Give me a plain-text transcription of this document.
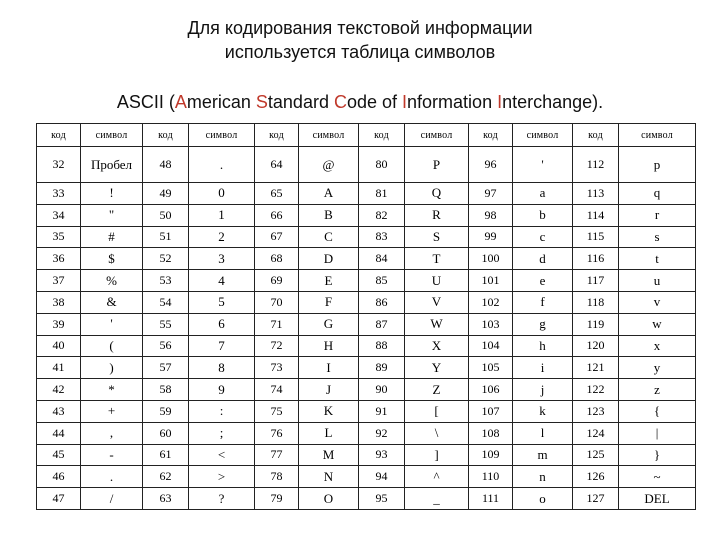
Для кодирования текстовой информации
используется таблица символов
ASCII (American Standard Code of Information Interchange).
код	символ	код	символ	код	символ	код	символ	код	символ	код	символ
32	Пробел	48	.	64	@	80	P	96	'	112	p
33	!	49	0	65	A	81	Q	97	a	113	q
34	"	50	1	66	B	82	R	98	b	114	r
35	#	51	2	67	C	83	S	99	c	115	s
36	$	52	3	68	D	84	T	100	d	116	t
37	%	53	4	69	E	85	U	101	e	117	u
38	&	54	5	70	F	86	V	102	f	118	v
39	'	55	6	71	G	87	W	103	g	119	w
40	(	56	7	72	H	88	X	104	h	120	x
41	)	57	8	73	I	89	Y	105	i	121	y
42	*	58	9	74	J	90	Z	106	j	122	z
43	+	59	:	75	K	91	[	107	k	123	{
44	,	60	;	76	L	92	\	108	l	124	|
45	-	61	<	77	M	93	]	109	m	125	}
46	.	62	>	78	N	94	^	110	n	126	~
47	/	63	?	79	O	95	_	111	o	127	DEL
